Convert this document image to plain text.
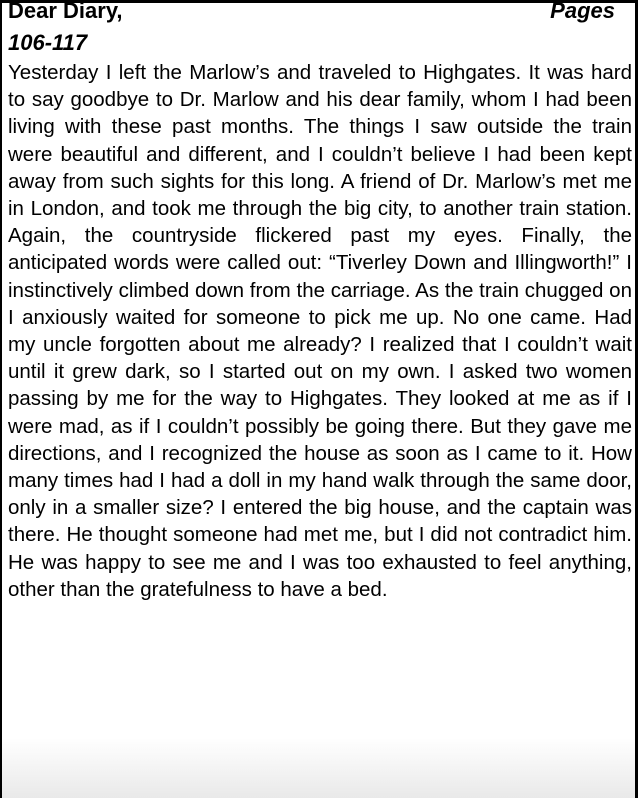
Dear Diary,	Pages
106-117
Yesterday I left the Marlow’s and traveled to Highgates. It was hard to say goodbye to Dr. Marlow and his dear family, whom I had been living with these past months. The things I saw outside the train were beautiful and different, and I couldn’t believe I had been kept away from such sights for this long. A friend of Dr. Marlow’s met me in London, and took me through the big city, to another train station. Again, the countryside flickered past my eyes. Finally, the anticipated words were called out: “Tiverley Down and Illingworth!” I instinctively climbed down from the carriage. As the train chugged on I anxiously waited for someone to pick me up. No one came. Had my uncle forgotten about me already? I realized that I couldn’t wait until it grew dark, so I started out on my own. I asked two women passing by me for the way to Highgates. They looked at me as if I were mad, as if I couldn’t possibly be going there. But they gave me directions, and I recognized the house as soon as I came to it. How many times had I had a doll in my hand walk through the same door, only in a smaller size? I entered the big house, and the captain was there. He thought someone had met me, but I did not contradict him. He was happy to see me and I was too exhausted to feel anything, other than the gratefulness to have a bed.
